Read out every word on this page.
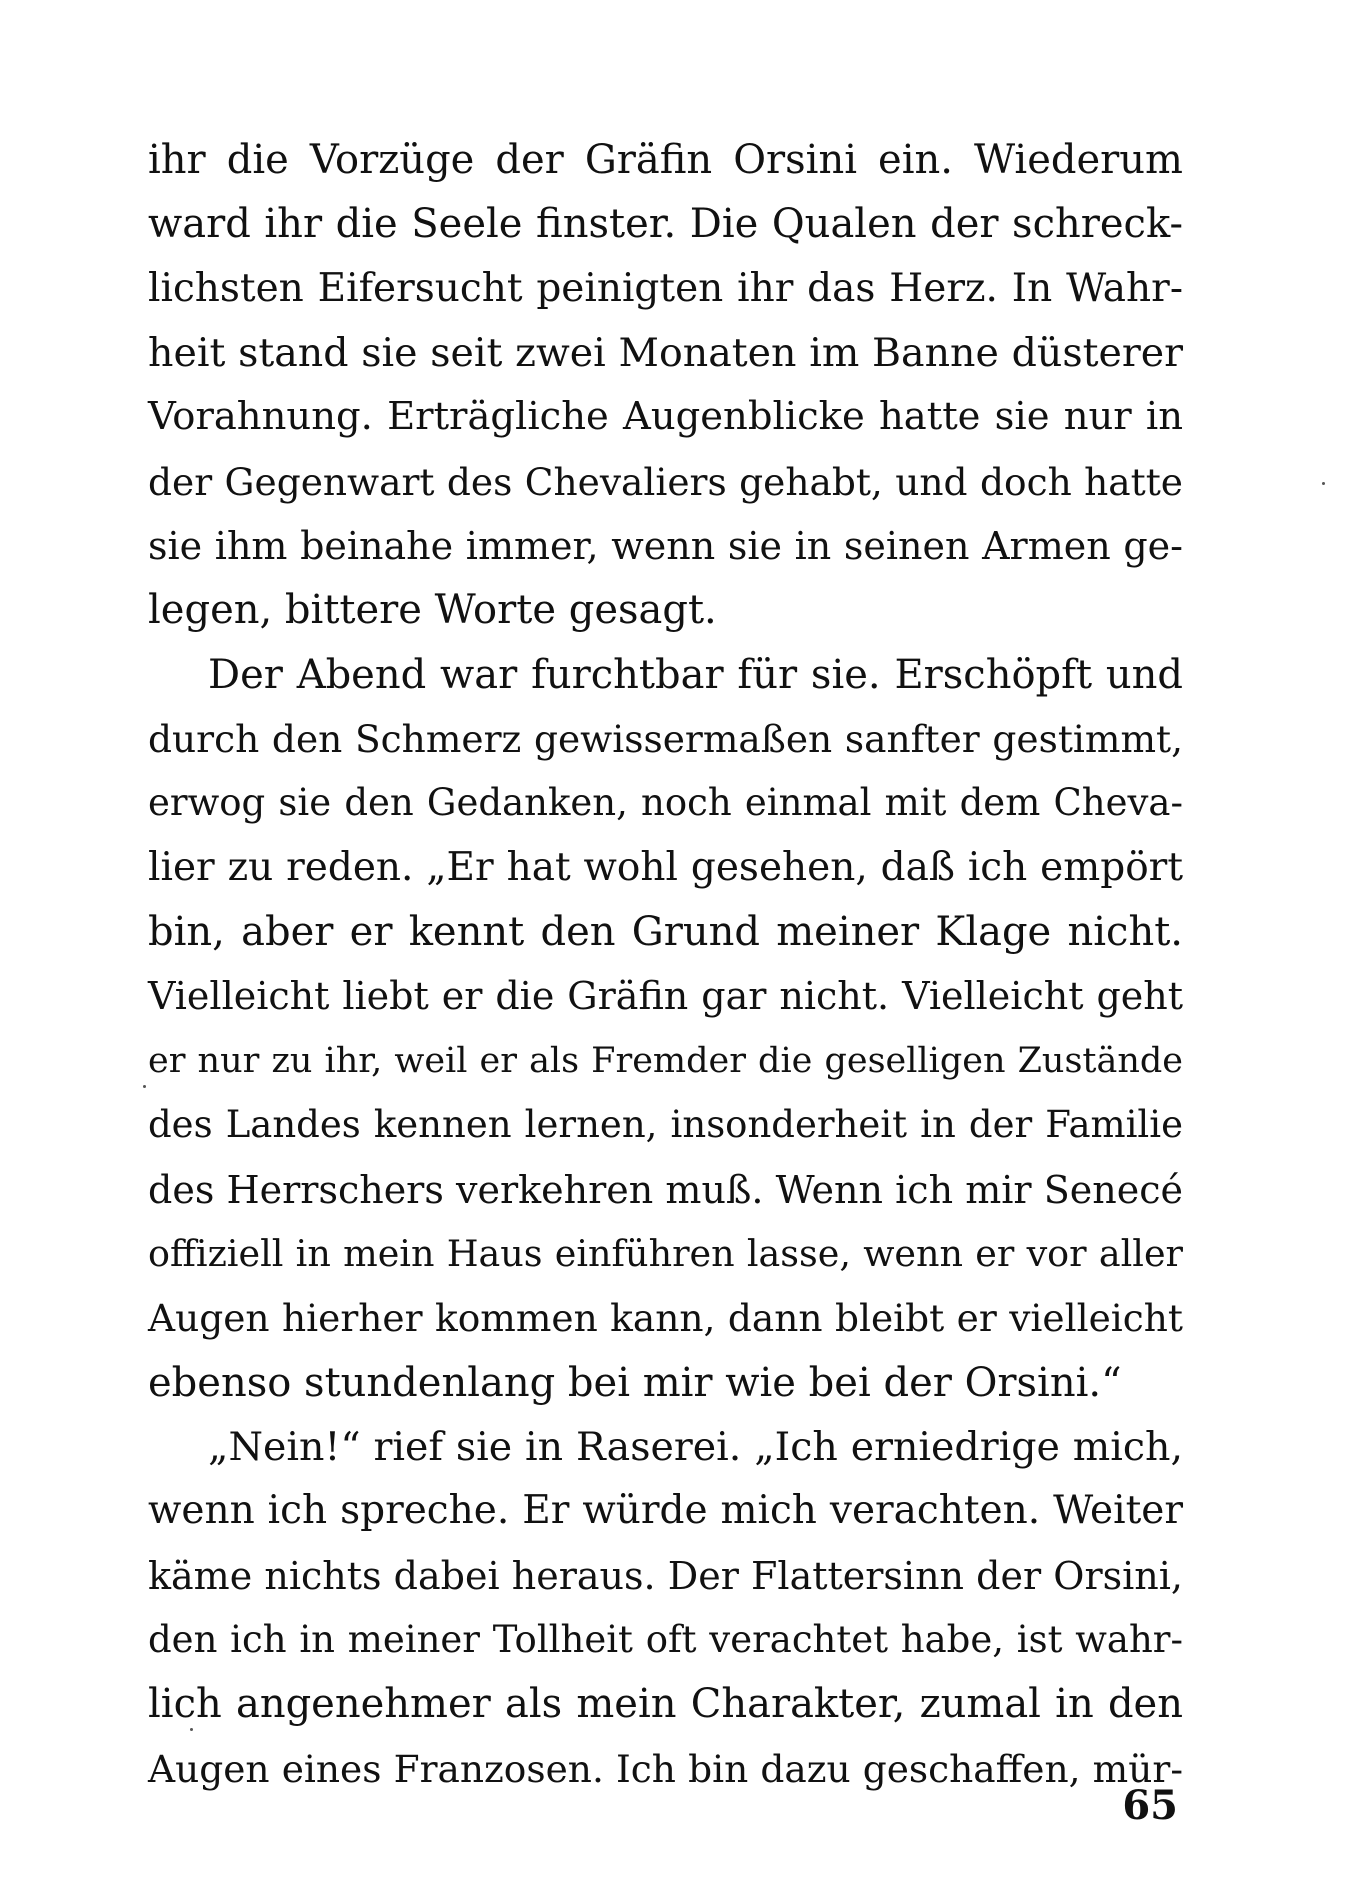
ihr die Vorzüge der Gräfin Orsini ein. Wiederum
ward ihr die Seele finster. Die Qualen der schreck-
lichsten Eifersucht peinigten ihr das Herz. In Wahr-
heit stand sie seit zwei Monaten im Banne düsterer
Vorahnung. Erträgliche Augenblicke hatte sie nur in
der Gegenwart des Chevaliers gehabt, und doch hatte
sie ihm beinahe immer, wenn sie in seinen Armen ge-
legen, bittere Worte gesagt.
Der Abend war furchtbar für sie. Erschöpft und
durch den Schmerz gewissermaßen sanfter gestimmt,
erwog sie den Gedanken, noch einmal mit dem Cheva-
lier zu reden. „Er hat wohl gesehen, daß ich empört
bin, aber er kennt den Grund meiner Klage nicht.
Vielleicht liebt er die Gräfin gar nicht. Vielleicht geht
er nur zu ihr, weil er als Fremder die geselligen Zustände
des Landes kennen lernen, insonderheit in der Familie
des Herrschers verkehren muß. Wenn ich mir Senecé
offiziell in mein Haus einführen lasse, wenn er vor aller
Augen hierher kommen kann, dann bleibt er vielleicht
ebenso stundenlang bei mir wie bei der Orsini.“
„Nein!“ rief sie in Raserei. „Ich erniedrige mich,
wenn ich spreche. Er würde mich verachten. Weiter
käme nichts dabei heraus. Der Flattersinn der Orsini,
den ich in meiner Tollheit oft verachtet habe, ist wahr-
lich angenehmer als mein Charakter, zumal in den
Augen eines Franzosen. Ich bin dazu geschaffen, mür-
65
